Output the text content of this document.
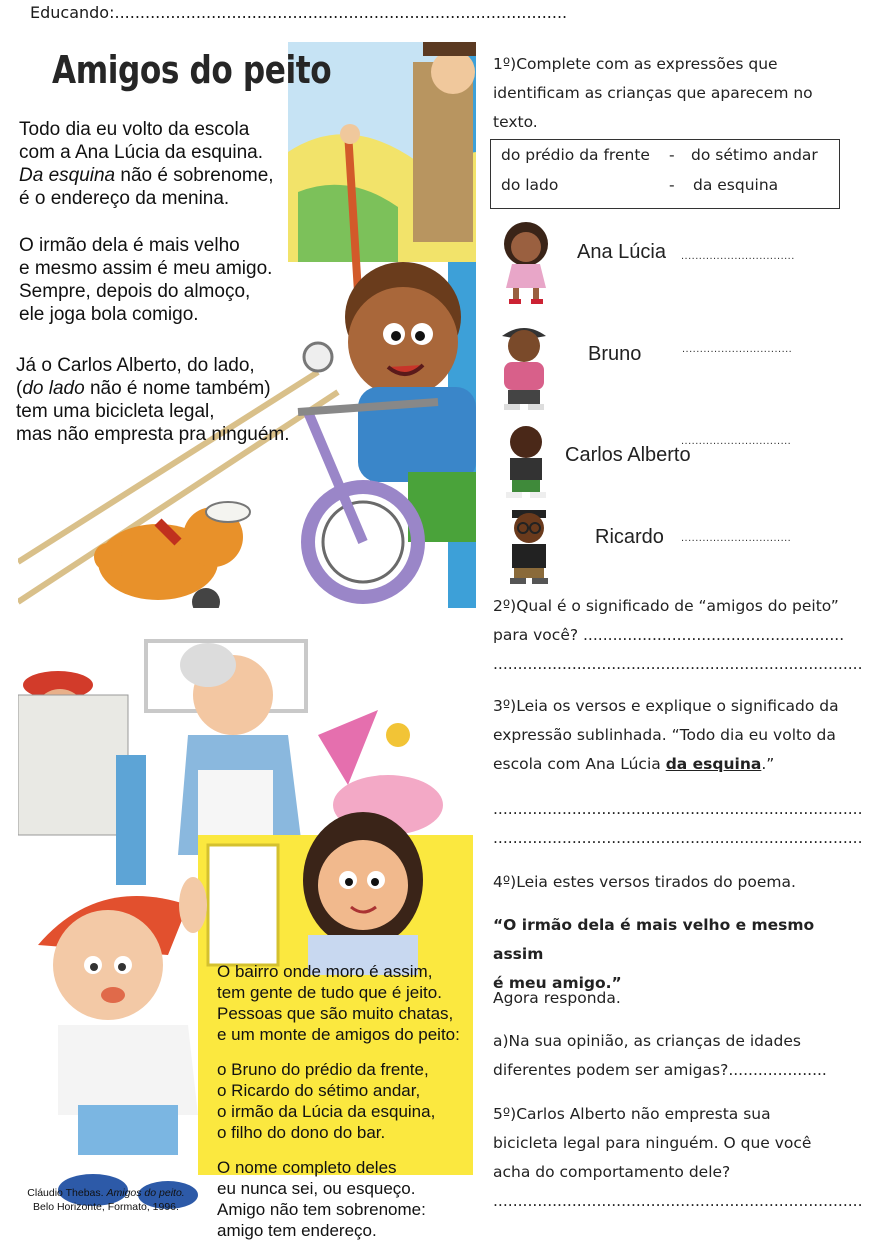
Educando:.........................................................................................
Amigos do peito
Todo dia eu volto da escola
com a Ana Lúcia da esquina.
Da esquina não é sobrenome,
é o endereço da menina.
O irmão dela é mais velho
e mesmo assim é meu amigo.
Sempre, depois do almoço,
ele joga bola comigo.
Já o Carlos Alberto, do lado,
(do lado não é nome também)
tem uma bicicleta legal,
mas não empresta pra ninguém.
O bairro onde moro é assim,
tem gente de tudo que é jeito.
Pessoas que são muito chatas,
e um monte de amigos do peito:
o Bruno do prédio da frente,
o Ricardo do sétimo andar,
o irmão da Lúcia da esquina,
o filho do dono do bar.
O nome completo deles
eu nunca sei, ou esqueço.
Amigo não tem sobrenome:
amigo tem endereço.
Cláudio Thebas. Amigos do peito.
Belo Horizonte, Formato, 1996.
1º)Complete com as expressões que
identificam as crianças que aparecem no
texto.
do prédio da frente - do sétimo andar
do lado	- da esquina
Ana Lúcia ................................
Bruno	...............................
Carlos Alberto
...............................
Ricardo ...............................
2º)Qual é o significado de “amigos do peito”
para você? .....................................................
...........................................................................
3º)Leia os versos e explique o significado da
expressão sublinhada. “Todo dia eu volto da
escola com Ana Lúcia da esquina.”
...........................................................................
...........................................................................
4º)Leia estes versos tirados do poema.
“O irmão dela é mais velho e mesmo assim
é meu amigo.”
Agora responda.
a)Na sua opinião, as crianças de idades
diferentes podem ser amigas?....................
5º)Carlos Alberto não empresta sua
bicicleta legal para ninguém. O que você
acha do comportamento dele?
...........................................................................
